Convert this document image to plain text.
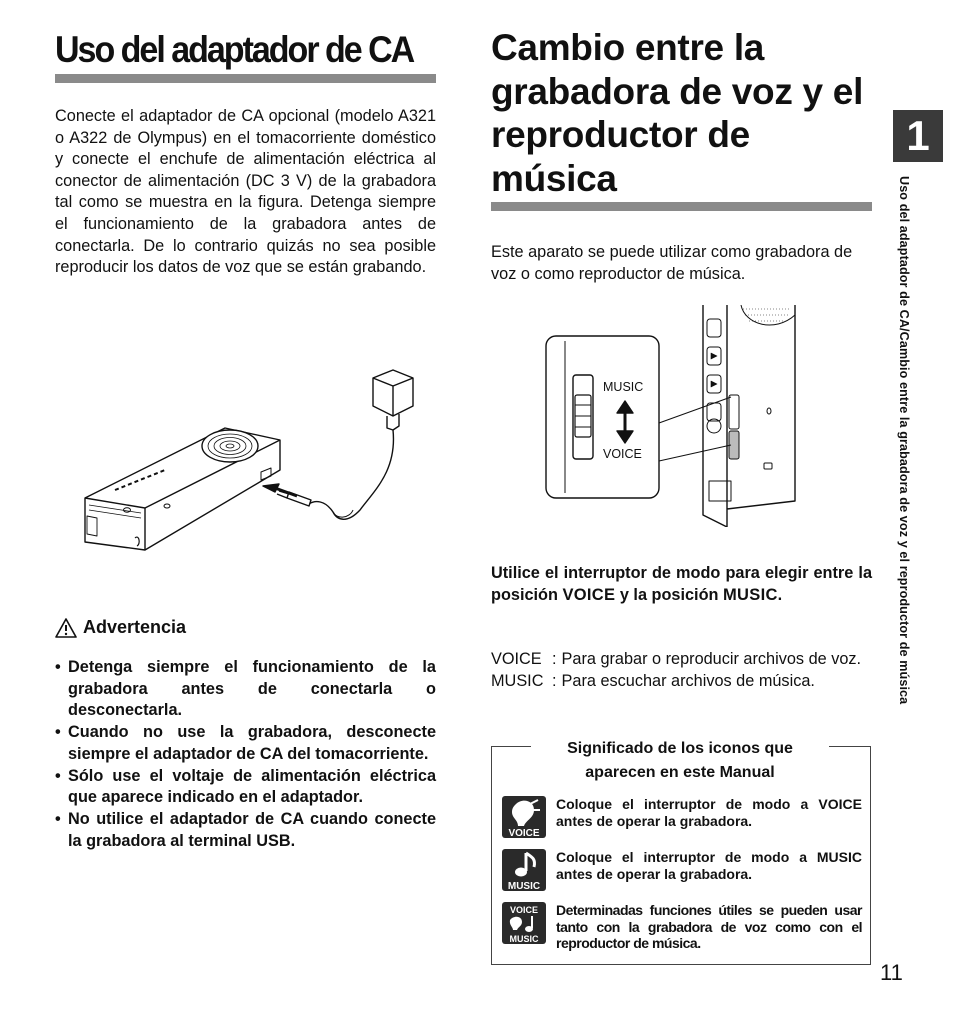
Uso del adaptador de CA

Conecte el adaptador de CA opcional (modelo A321 o A322 de Olympus) en el tomacorriente doméstico y conecte el enchufe de alimentación eléctrica al conector de alimentación (DC 3 V) de la grabadora tal como se muestra en la figura. Detenga siempre el funcionamiento de la grabadora antes de conectarla. De lo contrario quizás no sea posible reproducir los datos de voz que se están grabando.

Advertencia
• Detenga siempre el funcionamiento de la grabadora antes de conectarla o desconectarla.
• Cuando no use la grabadora, desconecte siempre el adaptador de CA del tomacorriente.
• Sólo use el voltaje de alimentación eléctrica que aparece indicado en el adaptador.
• No utilice el adaptador de CA cuando conecte la grabadora al terminal USB.
Cambio entre la grabadora de voz y el reproductor de música

Este aparato se puede utilizar como grabadora de voz o como reproductor de música.

MUSIC
VOICE

Utilice el interruptor de modo para elegir entre la posición VOICE y la posición MUSIC.

VOICE : Para grabar o reproducir archivos de voz.
MUSIC : Para escuchar archivos de música.
Significado de los iconos que aparecen en este Manual
VOICE
Coloque el interruptor de modo a VOICE antes de operar la grabadora.
MUSIC
Coloque el interruptor de modo a MUSIC antes de operar la grabadora.
VOICE
MUSIC
Determinadas funciones útiles se pueden usar tanto con la grabadora de voz como con el reproductor de música.
1
Uso del adaptador de CA/Cambio entre la grabadora de voz y el reproductor de música
11
